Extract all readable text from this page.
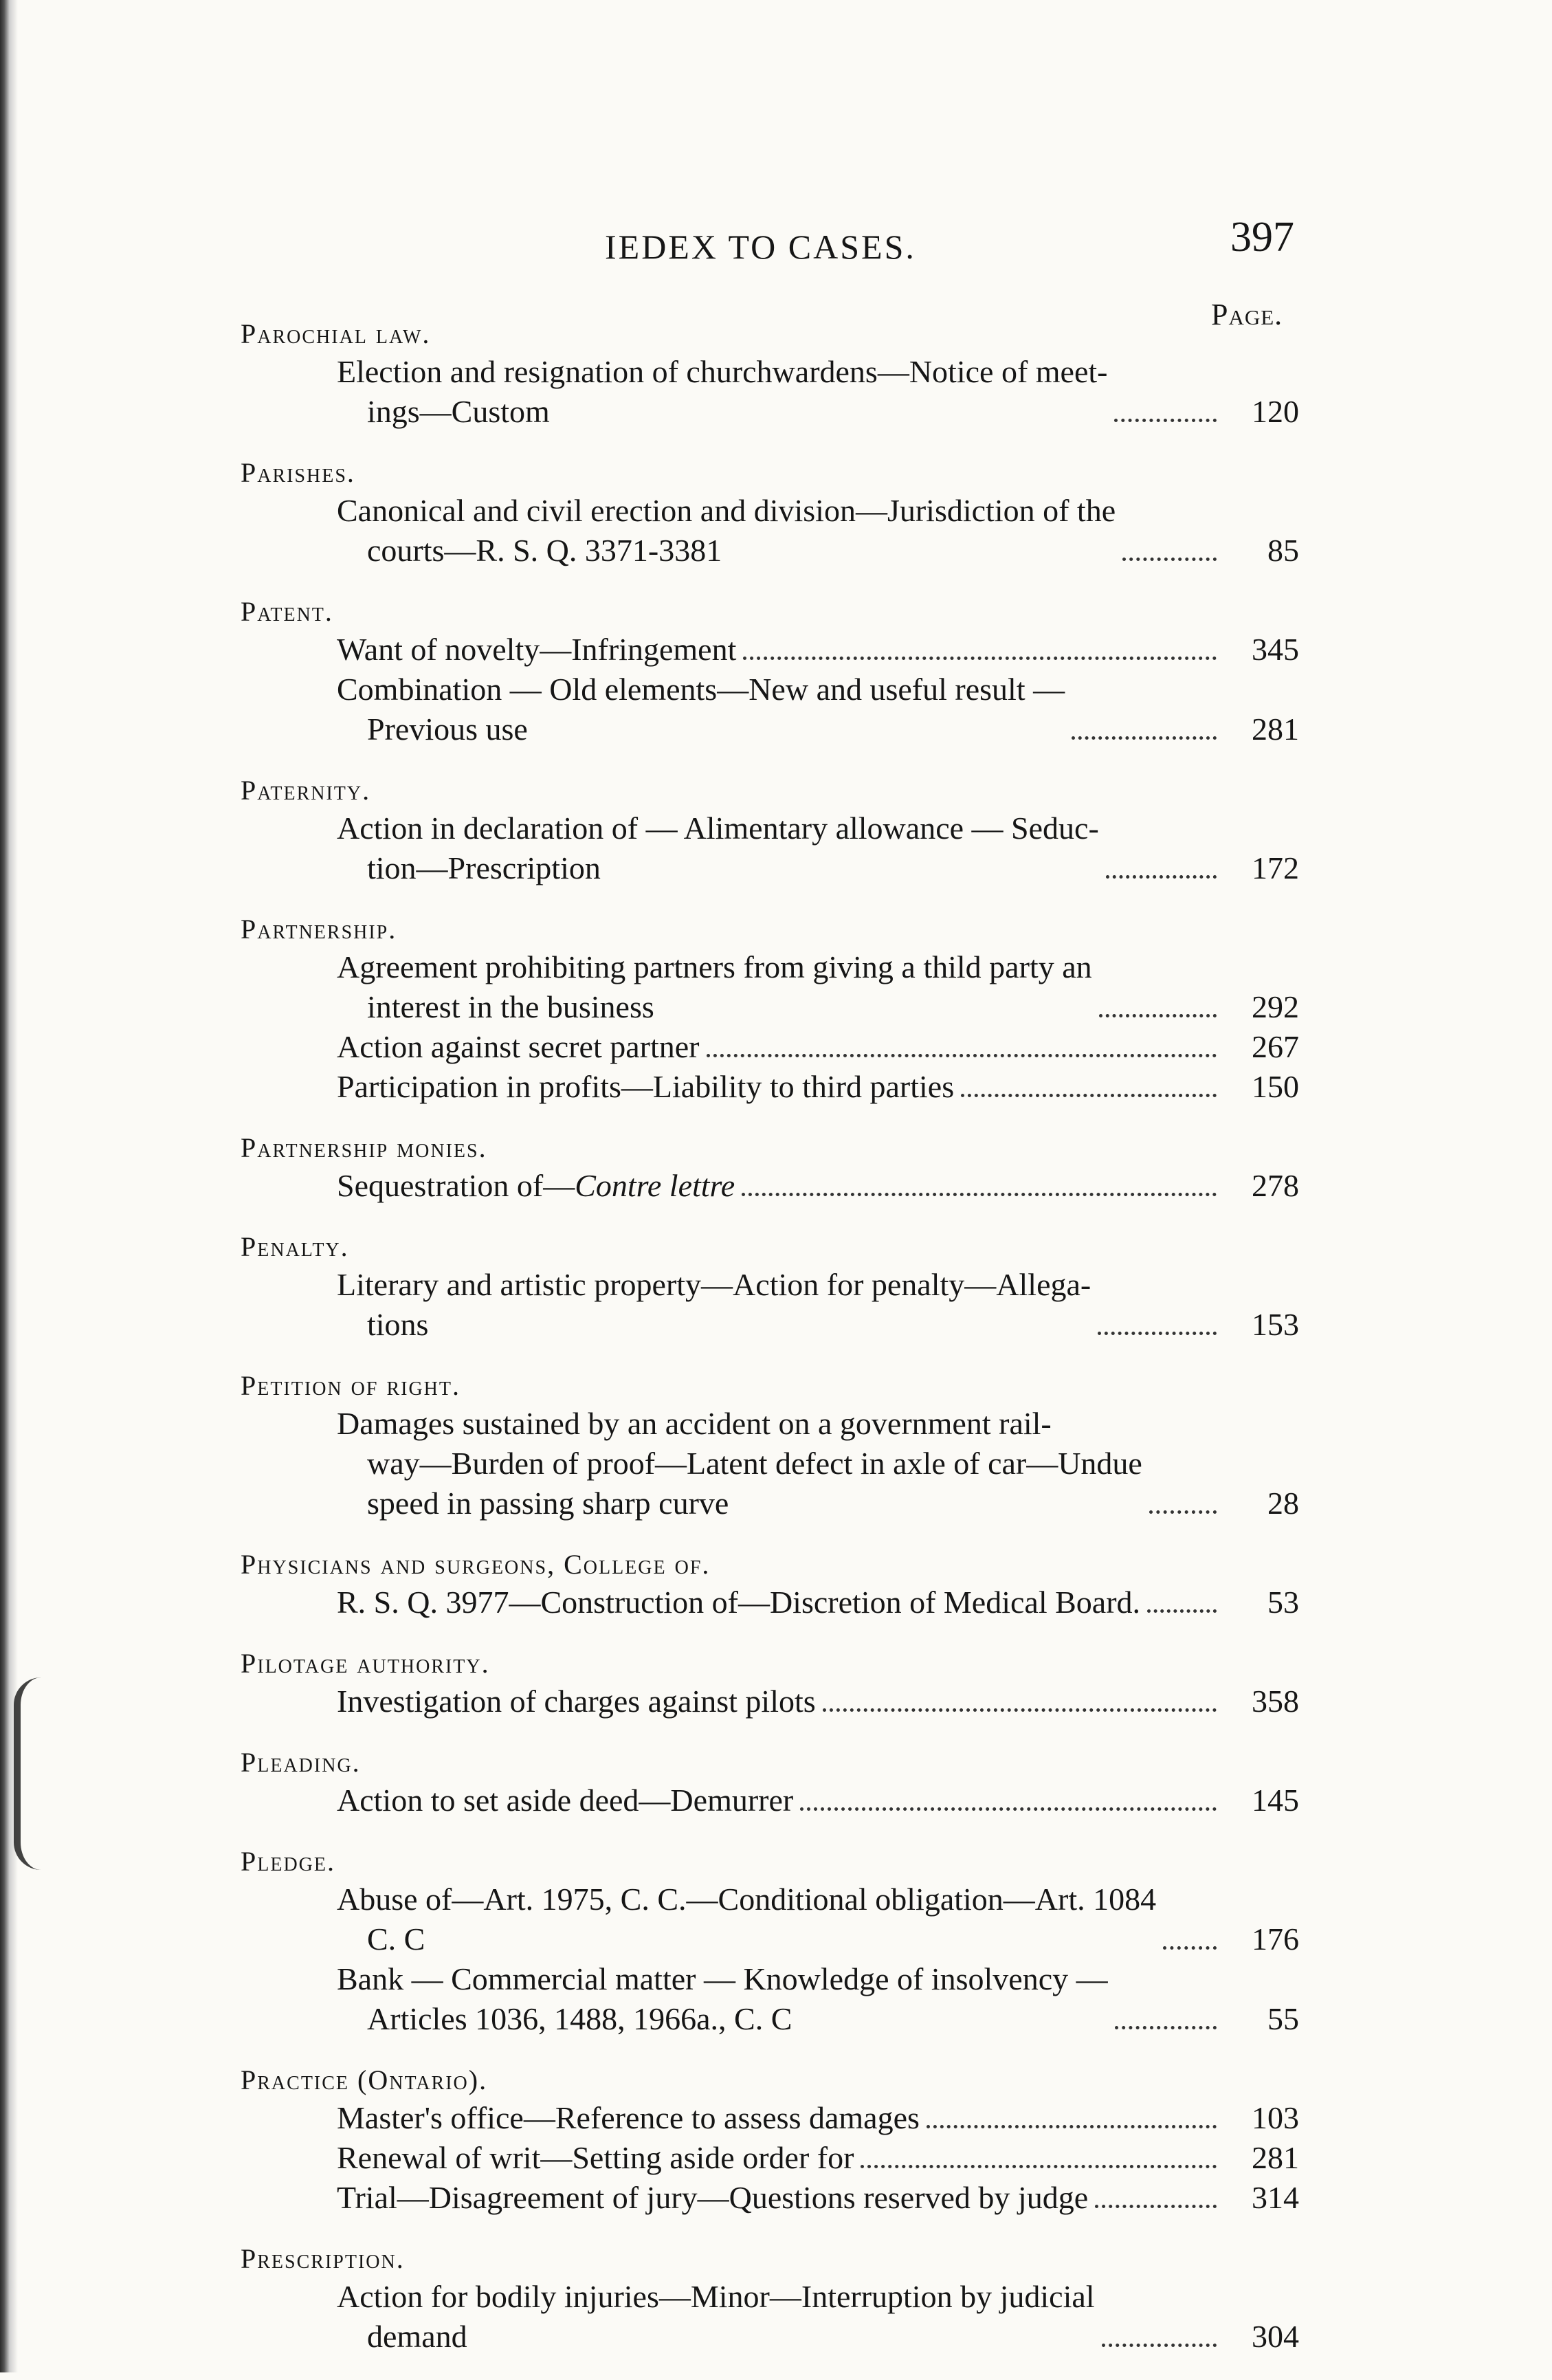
IEDEX TO CASES.	397
Page.
Parochial law.
Election and resignation of churchwardens—Notice of meet-

ings—Custom	120
Parishes.
Canonical and civil erection and division—Jurisdiction of the

courts—R. S. Q. 3371-3381	85
Patent.
Want of novelty—Infringement	345
Combination — Old elements—New and useful result —

Previous use	281
Paternity.
Action in declaration of — Alimentary allowance — Seduc-

tion—Prescription	172
Partnership.
Agreement prohibiting partners from giving a thild party an

interest in the business	292
Action against secret partner	267
Participation in profits—Liability to third parties	150
Partnership monies.
Sequestration of—Contre lettre	278
Penalty.
Literary and artistic property—Action for penalty—Allega-

tions	153
Petition of right.
Damages sustained by an accident on a government rail-

way—Burden of proof—Latent defect in axle of car—Undue
speed in passing sharp curve	28
Physicians and surgeons, College of.
R. S. Q. 3977—Construction of—Discretion of Medical Board.	53
Pilotage authority.
Investigation of charges against pilots	358
Pleading.
Action to set aside deed—Demurrer	145
Pledge.
Abuse of—Art. 1975, C. C.—Conditional obligation—Art. 1084

C. C	176
Bank — Commercial matter — Knowledge of insolvency —

Articles 1036, 1488, 1966a., C. C	55
Practice (Ontario).
Master's office—Reference to assess damages	103
Renewal of writ—Setting aside order for	281
Trial—Disagreement of jury—Questions reserved by judge	314
Prescription.
Action for bodily injuries—Minor—Interruption by judicial

demand	304
